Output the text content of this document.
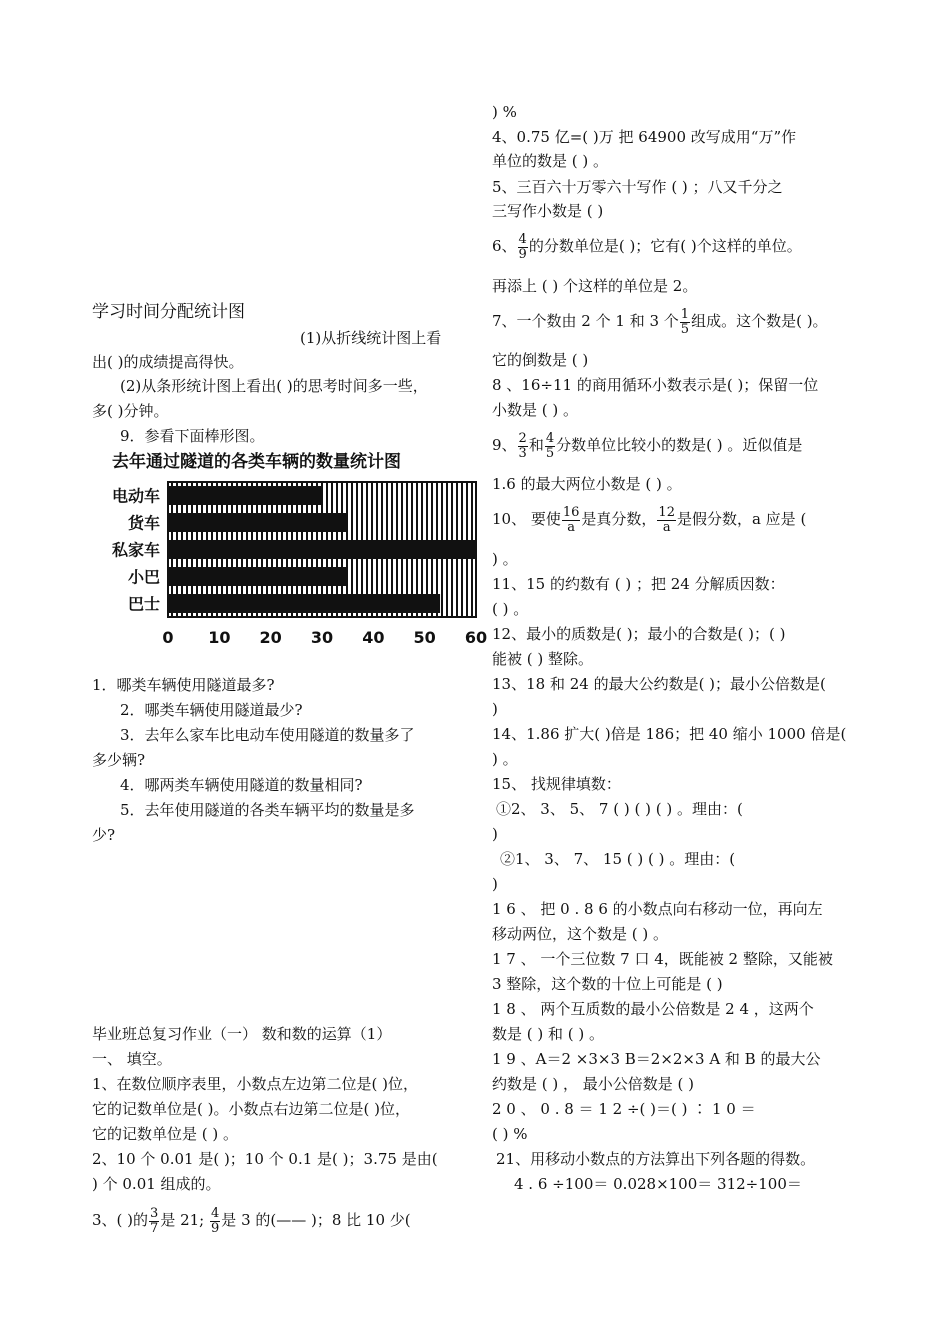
学习时间分配统计图
(1)从折线统计图上看
出( )的成绩提高得快。
(2)从条形统计图上看出( )的思考时间多一些，
多( )分钟。
9．参看下面棒形图。
去年通过隧道的各类车辆的数量统计图
电动车
货车
私家车
小巴
巴士
0 10 20 30 40 50 60
1．哪类车辆使用隧道最多?
2．哪类车辆使用隧道最少?
3．去年么家车比电动车使用隧道的数量多了
多少辆?
4．哪两类车辆使用隧道的数量相同?
5．去年使用隧道的各类车辆平均的数量是多
少?
毕业班总复习作业（一） 数和数的运算（1）
一、 填空。
1、在数位顺序表里，小数点左边第二位是( )位，
它的记数单位是( )。小数点右边第二位是( )位，
它的记数单位是 ( ) 。
2、10 个 0.01 是( )；10 个 0.1 是( )；3.75 是由(
) 个 0.01 组成的。
3、( )的 $\frac{3}{7}$ 是 21; $\frac{4}{9}$ 是 3 的(—— )；8 比 10 少(
) %
4、0.75 亿=( )万 把 64900 改写成用“万”作
单位的数是 ( ) 。
5、三百六十万零六十写作 ( ) ；八又千分之
三写作小数是 ( )
6、 $\frac{4}{9}$ 的分数单位是( )；它有( )个这样的单位。
再添上 ( ) 个这样的单位是 2。
7、一个数由 2 个 1 和 3 个 $\frac{1}{5}$ 组成。这个数是( )。
它的倒数是 ( )
8 、16÷11 的商用循环小数表示是( )；保留一位
小数是 ( ) 。
9、 $\frac{2}{3}$ 和 $\frac{4}{5}$ 分数单位比较小的数是( ) 。近似值是
1.6 的最大两位小数是 ( ) 。
10、 要使 $\frac{16}{a}$ 是真分数， $\frac{12}{a}$ 是假分数，a 应是 (
) 。
11、15 的约数有 ( ) ；把 24 分解质因数：
( ) 。
12、最小的质数是( )；最小的合数是( )；( )
能被 ( ) 整除。
13、18 和 24 的最大公约数是( )；最小公倍数是(
)
14、1.86 扩大( )倍是 186；把 40 缩小 1000 倍是(
) 。
15、 找规律填数：
①2、 3、 5、 7 ( ) ( ) ( ) 。理由：(
)
②1、 3、 7、 15 ( ) ( ) 。理由：(
)
1 6 、 把 0 . 8 6 的小数点向右移动一位，再向左
移动两位，这个数是 ( ) 。
1 7 、 一个三位数 7 口 4，既能被 2 整除，又能被
3 整除，这个数的十位上可能是 ( )
1 8 、 两个互质数的最小公倍数是 2 4 ，这两个
数是 ( ) 和 ( ) 。
1 9 、A＝2 ×3×3 B＝2×2×3 A 和 B 的最大公
约数是 ( ) ， 最小公倍数是 ( )
2 0 、 0 . 8 ＝ 1 2 ÷( )＝( ) ∶ 1 0 ＝
( ) %
21、用移动小数点的方法算出下列各题的得数。
4 . 6 ÷100＝ 0.028×100＝ 312÷100＝
